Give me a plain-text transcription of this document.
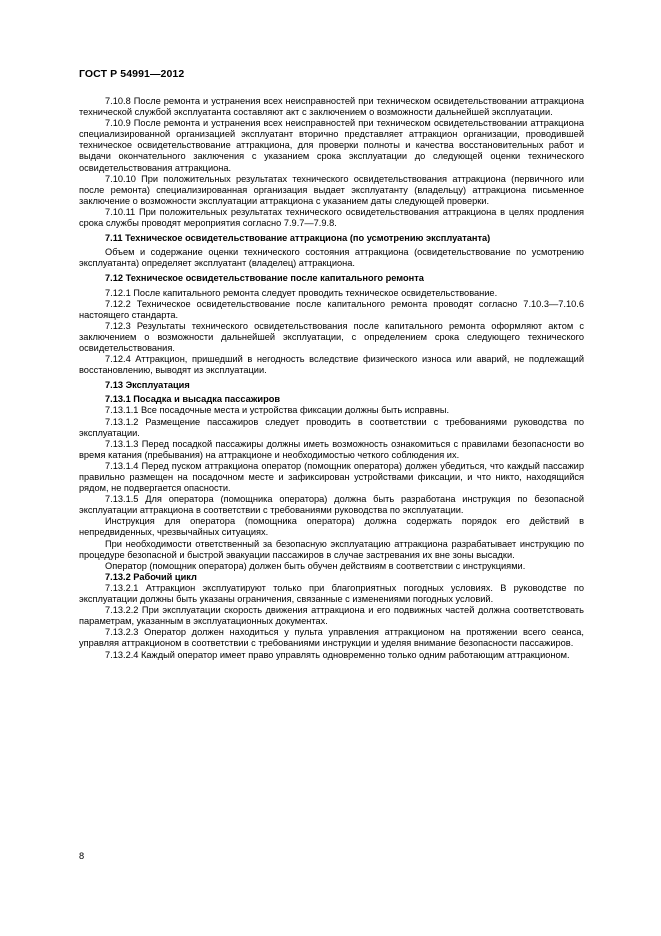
ГОСТ Р 54991—2012

7.10.8 После ремонта и устранения всех неисправностей при техническом освидетельствовании аттракциона технической службой эксплуатанта составляют акт с заключением о возможности дальнейшей эксплуатации.

7.10.9 После ремонта и устранения всех неисправностей при техническом освидетельствовании аттракциона специализированной организацией эксплуатант вторично представляет аттракцион организации, проводившей техническое освидетельствование аттракциона, для проверки полноты и качества восстановительных работ и выдачи окончательного заключения с указанием срока эксплуатации до следующей оценки технического освидетельствования аттракциона.

7.10.10 При положительных результатах технического освидетельствования аттракциона (первичного или после ремонта) специализированная организация выдает эксплуатанту (владельцу) аттракциона письменное заключение о возможности эксплуатации аттракциона с указанием даты следующей проверки.

7.10.11 При положительных результатах технического освидетельствования аттракциона в целях продления срока службы проводят мероприятия согласно 7.9.7—7.9.8.

7.11 Техническое освидетельствование аттракциона (по усмотрению эксплуатанта)

Объем и содержание оценки технического состояния аттракциона (освидетельствование по усмотрению эксплуатанта) определяет эксплуатант (владелец) аттракциона.

7.12 Техническое освидетельствование после капитального ремонта

7.12.1 После капитального ремонта следует проводить техническое освидетельствование.

7.12.2 Техническое освидетельствование после капитального ремонта проводят согласно 7.10.3—7.10.6 настоящего стандарта.

7.12.3 Результаты технического освидетельствования после капитального ремонта оформляют актом с заключением о возможности дальнейшей эксплуатации, с определением срока следующего технического освидетельствования.

7.12.4 Аттракцион, пришедший в негодность вследствие физического износа или аварий, не подлежащий восстановлению, выводят из эксплуатации.

7.13 Эксплуатация

7.13.1 Посадка и высадка пассажиров

7.13.1.1 Все посадочные места и устройства фиксации должны быть исправны.

7.13.1.2 Размещение пассажиров следует проводить в соответствии с требованиями руководства по эксплуатации.

7.13.1.3 Перед посадкой пассажиры должны иметь возможность ознакомиться с правилами безопасности во время катания (пребывания) на аттракционе и необходимостью четкого соблюдения их.

7.13.1.4 Перед пуском аттракциона оператор (помощник оператора) должен убедиться, что каждый пассажир правильно размещен на посадочном месте и зафиксирован устройствами фиксации, и что никто, находящийся рядом, не подвергается опасности.

7.13.1.5 Для оператора (помощника оператора) должна быть разработана инструкция по безопасной эксплуатации аттракциона в соответствии с требованиями руководства по эксплуатации.

Инструкция для оператора (помощника оператора) должна содержать порядок его действий в непредвиденных, чрезвычайных ситуациях.

При необходимости ответственный за безопасную эксплуатацию аттракциона разрабатывает инструкцию по процедуре безопасной и быстрой эвакуации пассажиров в случае застревания их вне зоны высадки.

Оператор (помощник оператора) должен быть обучен действиям в соответствии с инструкциями.

7.13.2 Рабочий цикл

7.13.2.1 Аттракцион эксплуатируют только при благоприятных погодных условиях. В руководстве по эксплуатации должны быть указаны ограничения, связанные с изменениями погодных условий.

7.13.2.2 При эксплуатации скорость движения аттракциона и его подвижных частей должна соответствовать параметрам, указанным в эксплуатационных документах.

7.13.2.3 Оператор должен находиться у пульта управления аттракционом на протяжении всего сеанса, управляя аттракционом в соответствии с требованиями инструкции и уделяя внимание безопасности пассажиров.

7.13.2.4 Каждый оператор имеет право управлять одновременно только одним работающим аттракционом.

8
